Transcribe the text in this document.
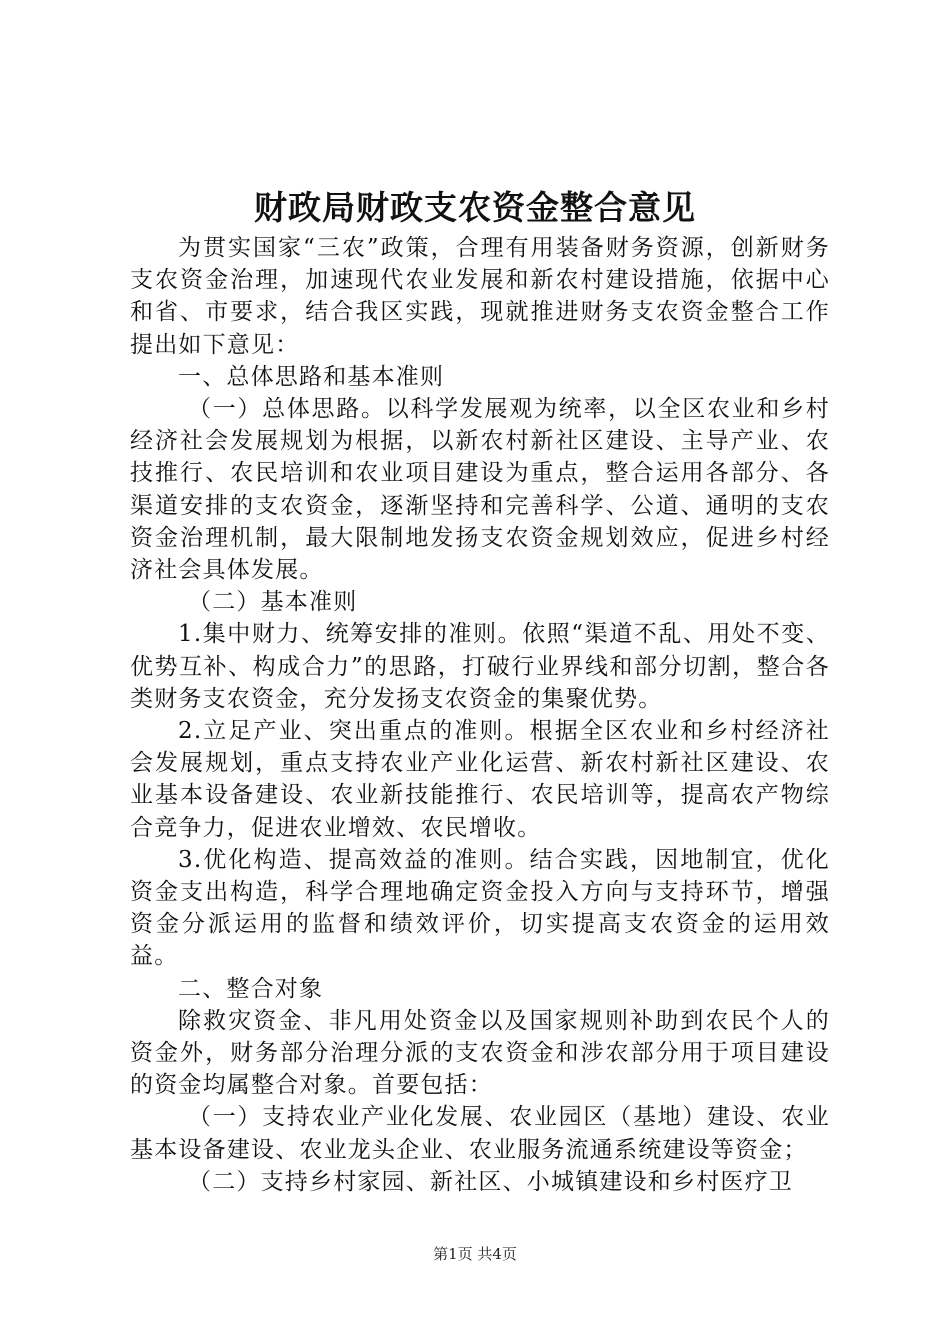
财政局财政支农资金整合意见

为贯实国家“三农”政策，合理有用装备财务资源，创新财务支农资金治理，加速现代农业发展和新农村建设措施，依据中心和省、市要求，结合我区实践，现就推进财务支农资金整合工作提出如下意见：

一、总体思路和基本准则

（一）总体思路。以科学发展观为统率，以全区农业和乡村经济社会发展规划为根据，以新农村新社区建设、主导产业、农技推行、农民培训和农业项目建设为重点，整合运用各部分、各渠道安排的支农资金，逐渐坚持和完善科学、公道、通明的支农资金治理机制，最大限制地发扬支农资金规划效应，促进乡村经济社会具体发展。

（二）基本准则

1.集中财力、统筹安排的准则。依照“渠道不乱、用处不变、优势互补、构成合力”的思路，打破行业界线和部分切割，整合各类财务支农资金，充分发扬支农资金的集聚优势。

2.立足产业、突出重点的准则。根据全区农业和乡村经济社会发展规划，重点支持农业产业化运营、新农村新社区建设、农业基本设备建设、农业新技能推行、农民培训等，提高农产物综合竞争力，促进农业增效、农民增收。

3.优化构造、提高效益的准则。结合实践，因地制宜，优化资金支出构造，科学合理地确定资金投入方向与支持环节，增强资金分派运用的监督和绩效评价，切实提高支农资金的运用效益。

二、整合对象

除救灾资金、非凡用处资金以及国家规则补助到农民个人的资金外，财务部分治理分派的支农资金和涉农部分用于项目建设的资金均属整合对象。首要包括：

（一）支持农业产业化发展、农业园区（基地）建设、农业基本设备建设、农业龙头企业、农业服务流通系统建设等资金；

（二）支持乡村家园、新社区、小城镇建设和乡村医疗卫

第1页 共4页
